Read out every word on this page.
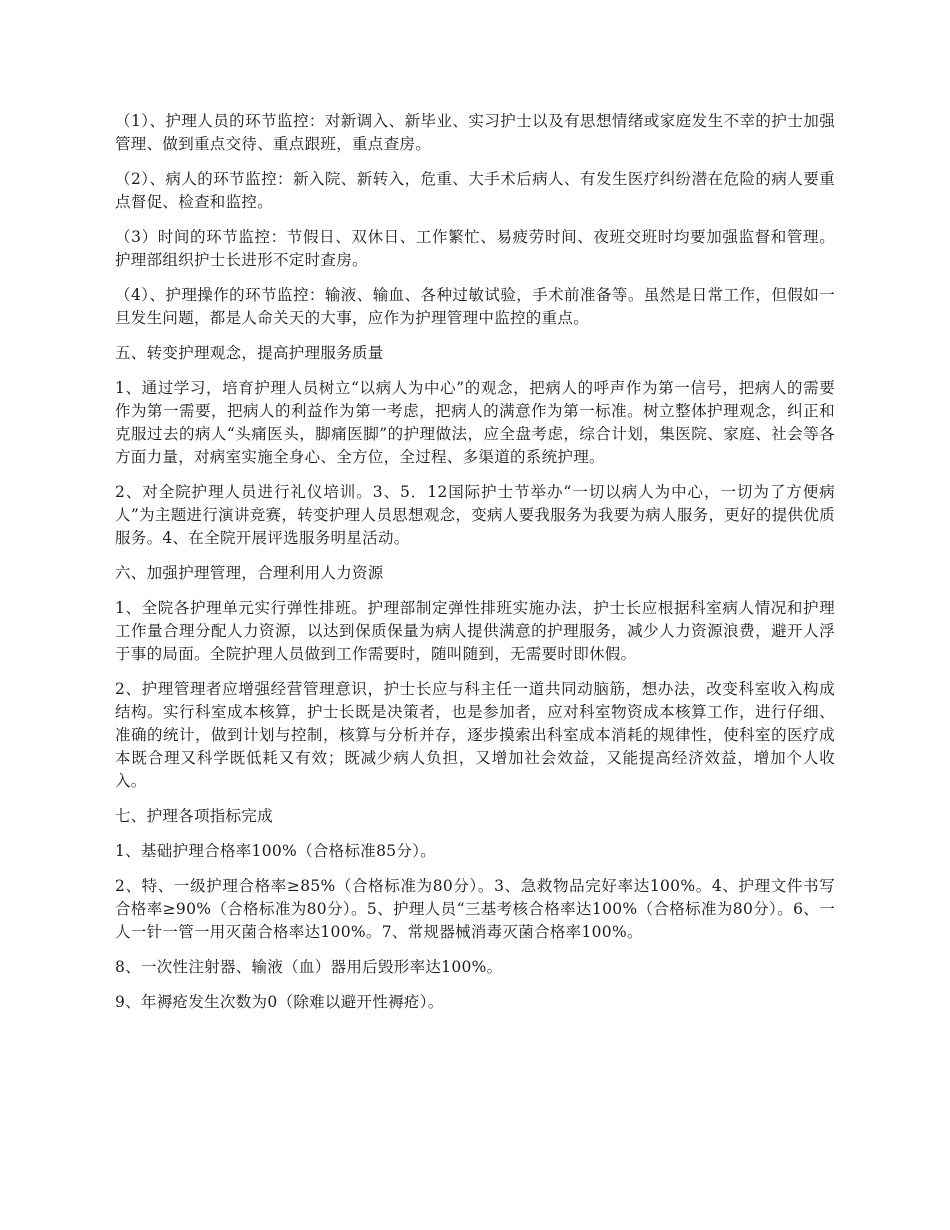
（1）、护理人员的环节监控：对新调入、新毕业、实习护士以及有思想情绪或家庭发生不幸的护士加强管理、做到重点交待、重点跟班，重点查房。

（2）、病人的环节监控：新入院、新转入，危重、大手术后病人、有发生医疗纠纷潜在危险的病人要重点督促、检查和监控。

（3）时间的环节监控：节假日、双休日、工作繁忙、易疲劳时间、夜班交班时均要加强监督和管理。护理部组织护士长进形不定时查房。

（4）、护理操作的环节监控：输液、输血、各种过敏试验，手术前准备等。虽然是日常工作，但假如一旦发生问题，都是人命关天的大事，应作为护理管理中监控的重点。

五、转变护理观念，提高护理服务质量

1、通过学习，培育护理人员树立“以病人为中心”的观念，把病人的呼声作为第一信号，把病人的需要作为第一需要，把病人的利益作为第一考虑，把病人的满意作为第一标准。树立整体护理观念，纠正和克服过去的病人“头痛医头，脚痛医脚”的护理做法，应全盘考虑，综合计划，集医院、家庭、社会等各方面力量，对病室实施全身心、全方位，全过程、多渠道的系统护理。

2、对全院护理人员进行礼仪培训。3、5．12国际护士节举办“一切以病人为中心，一切为了方便病人”为主题进行演讲竞赛，转变护理人员思想观念，变病人要我服务为我要为病人服务，更好的提供优质服务。4、在全院开展评选服务明星活动。

六、加强护理管理，合理利用人力资源

1、全院各护理单元实行弹性排班。护理部制定弹性排班实施办法，护士长应根据科室病人情况和护理工作量合理分配人力资源，以达到保质保量为病人提供满意的护理服务，减少人力资源浪费，避开人浮于事的局面。全院护理人员做到工作需要时，随叫随到，无需要时即休假。

2、护理管理者应增强经营管理意识，护士长应与科主任一道共同动脑筋，想办法，改变科室收入构成结构。实行科室成本核算，护士长既是决策者，也是参加者，应对科室物资成本核算工作，进行仔细、准确的统计，做到计划与控制，核算与分析并存，逐步摸索出科室成本消耗的规律性，使科室的医疗成本既合理又科学既低耗又有效；既减少病人负担，又增加社会效益，又能提高经济效益，增加个人收入。

七、护理各项指标完成

1、基础护理合格率100%（合格标准85分）。

2、特、一级护理合格率≥85%（合格标准为80分）。3、急救物品完好率达100%。4、护理文件书写合格率≥90%（合格标准为80分）。5、护理人员“三基考核合格率达100%（合格标准为80分）。6、一人一针一管一用灭菌合格率达100%。7、常规器械消毒灭菌合格率100%。

8、一次性注射器、输液（血）器用后毁形率达100%。

9、年褥疮发生次数为0（除难以避开性褥疮）。
